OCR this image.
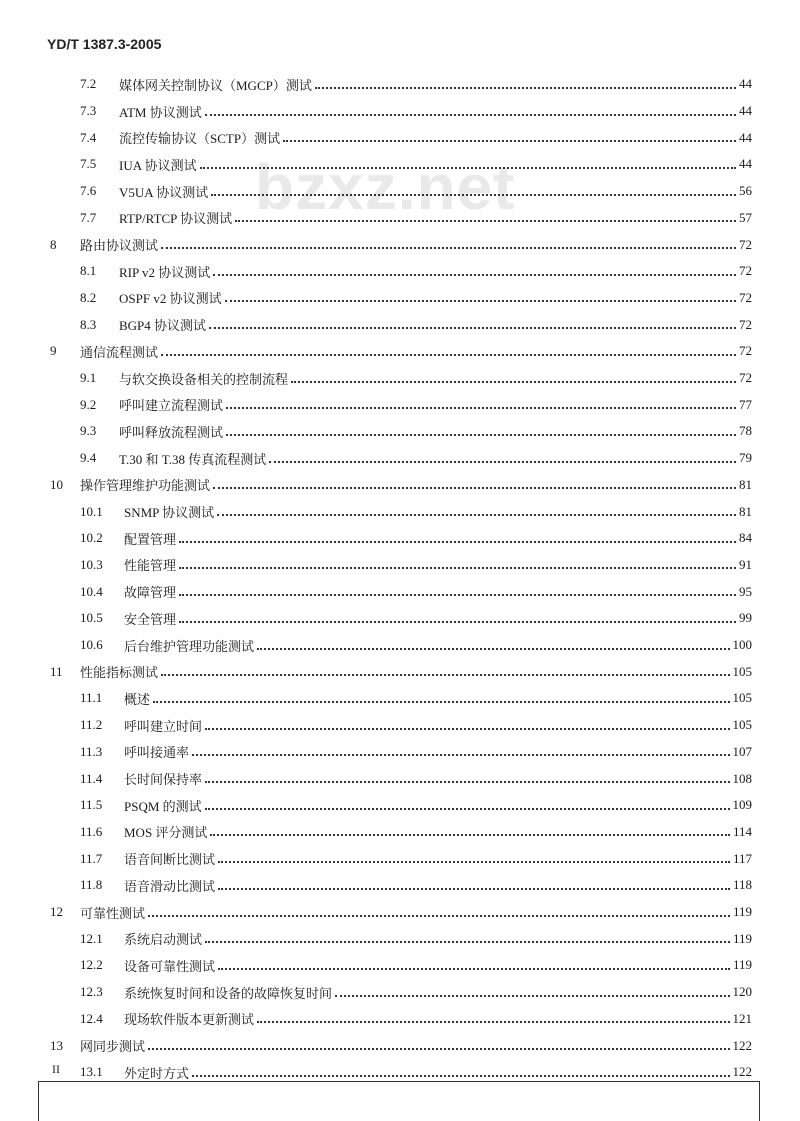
YD/T 1387.3-2005
bzxz.net
7.2	媒体网关控制协议（MGCP）测试	44
7.3	ATM 协议测试	44
7.4	流控传输协议（SCTP）测试	44
7.5	IUA 协议测试	44
7.6	V5UA 协议测试	56
7.7	RTP/RTCP 协议测试	57
8	路由协议测试	72
8.1	RIP v2 协议测试	72
8.2	OSPF v2 协议测试	72
8.3	BGP4 协议测试	72
9	通信流程测试	72
9.1	与软交换设备相关的控制流程	72
9.2	呼叫建立流程测试	77
9.3	呼叫释放流程测试	78
9.4	T.30 和 T.38 传真流程测试	79
10	操作管理维护功能测试	81
10.1	SNMP 协议测试	81
10.2	配置管理	84
10.3	性能管理	91
10.4	故障管理	95
10.5	安全管理	99
10.6	后台维护管理功能测试	100
11	性能指标测试	105
11.1	概述	105
11.2	呼叫建立时间	105
11.3	呼叫接通率	107
11.4	长时间保持率	108
11.5	PSQM 的测试	109
11.6	MOS 评分测试	114
11.7	语音间断比测试	117
11.8	语音滑动比测试	118
12	可靠性测试	119
12.1	系统启动测试	119
12.2	设备可靠性测试	119
12.3	系统恢复时间和设备的故障恢复时间	120
12.4	现场软件版本更新测试	121
13	网同步测试	122
13.1	外定时方式	122
II
